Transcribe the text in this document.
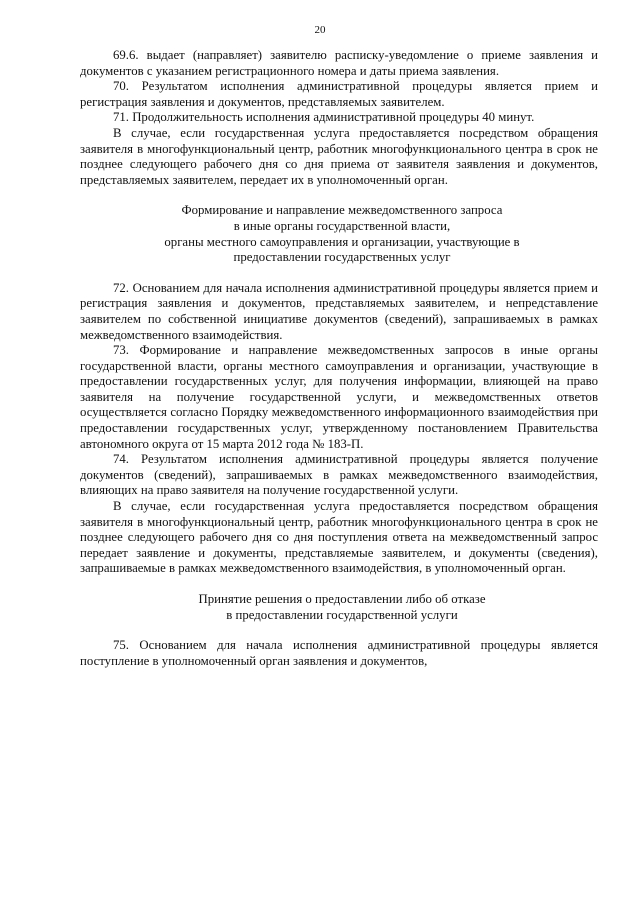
20

69.6. выдает (направляет) заявителю расписку-уведомление о приеме заявления и документов с указанием регистрационного номера и даты приема заявления.

70. Результатом исполнения административной процедуры является прием и регистрация заявления и документов, представляемых заявителем.

71. Продолжительность исполнения административной процедуры 40 минут.

В случае, если государственная услуга предоставляется посредством обращения заявителя в многофункциональный центр, работник многофункционального центра в срок не позднее следующего рабочего дня со дня приема от заявителя заявления и документов, представляемых заявителем, передает их в уполномоченный орган.

Формирование и направление межведомственного запроса
в иные органы государственной власти,
органы местного самоуправления и организации, участвующие в
предоставлении государственных услуг

72. Основанием для начала исполнения административной процедуры является прием и регистрация заявления и документов, представляемых заявителем, и непредставление заявителем по собственной инициативе документов (сведений), запрашиваемых в рамках межведомственного взаимодействия.

73. Формирование и направление межведомственных запросов в иные органы государственной власти, органы местного самоуправления и организации, участвующие в предоставлении государственных услуг, для получения информации, влияющей на право заявителя на получение государственной услуги, и межведомственных ответов осуществляется согласно Порядку межведомственного информационного взаимодействия при предоставлении государственных услуг, утвержденному постановлением Правительства автономного округа от 15 марта 2012 года № 183-П.

74. Результатом исполнения административной процедуры является получение документов (сведений), запрашиваемых в рамках межведомственного взаимодействия, влияющих на право заявителя на получение государственной услуги.

В случае, если государственная услуга предоставляется посредством обращения заявителя в многофункциональный центр, работник многофункционального центра в срок не позднее следующего рабочего дня со дня поступления ответа на межведомственный запрос передает заявление и документы, представляемые заявителем, и документы (сведения), запрашиваемые в рамках межведомственного взаимодействия, в уполномоченный орган.

Принятие решения о предоставлении либо об отказе
в предоставлении государственной услуги

75. Основанием для начала исполнения административной процедуры является поступление в уполномоченный орган заявления и документов,
